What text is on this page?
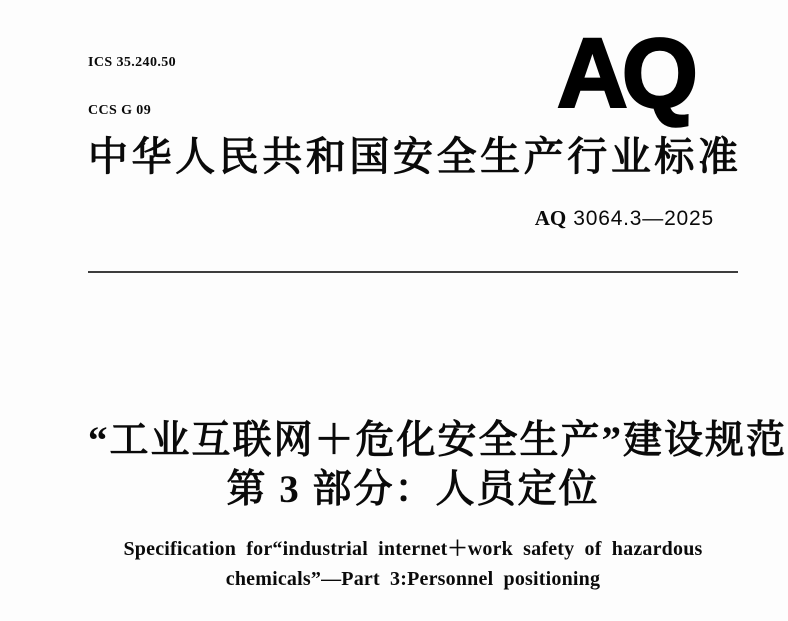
ICS 35.240.50

CCS G 09

	AQ
中华人民共和国安全生产行业标准
AQ 3064.3—2025
“工业互联网＋危化安全生产”建设规范
第 3 部分：人员定位
Specification for“industrial internet＋work safety of hazardous
chemicals”—Part 3:Personnel positioning
